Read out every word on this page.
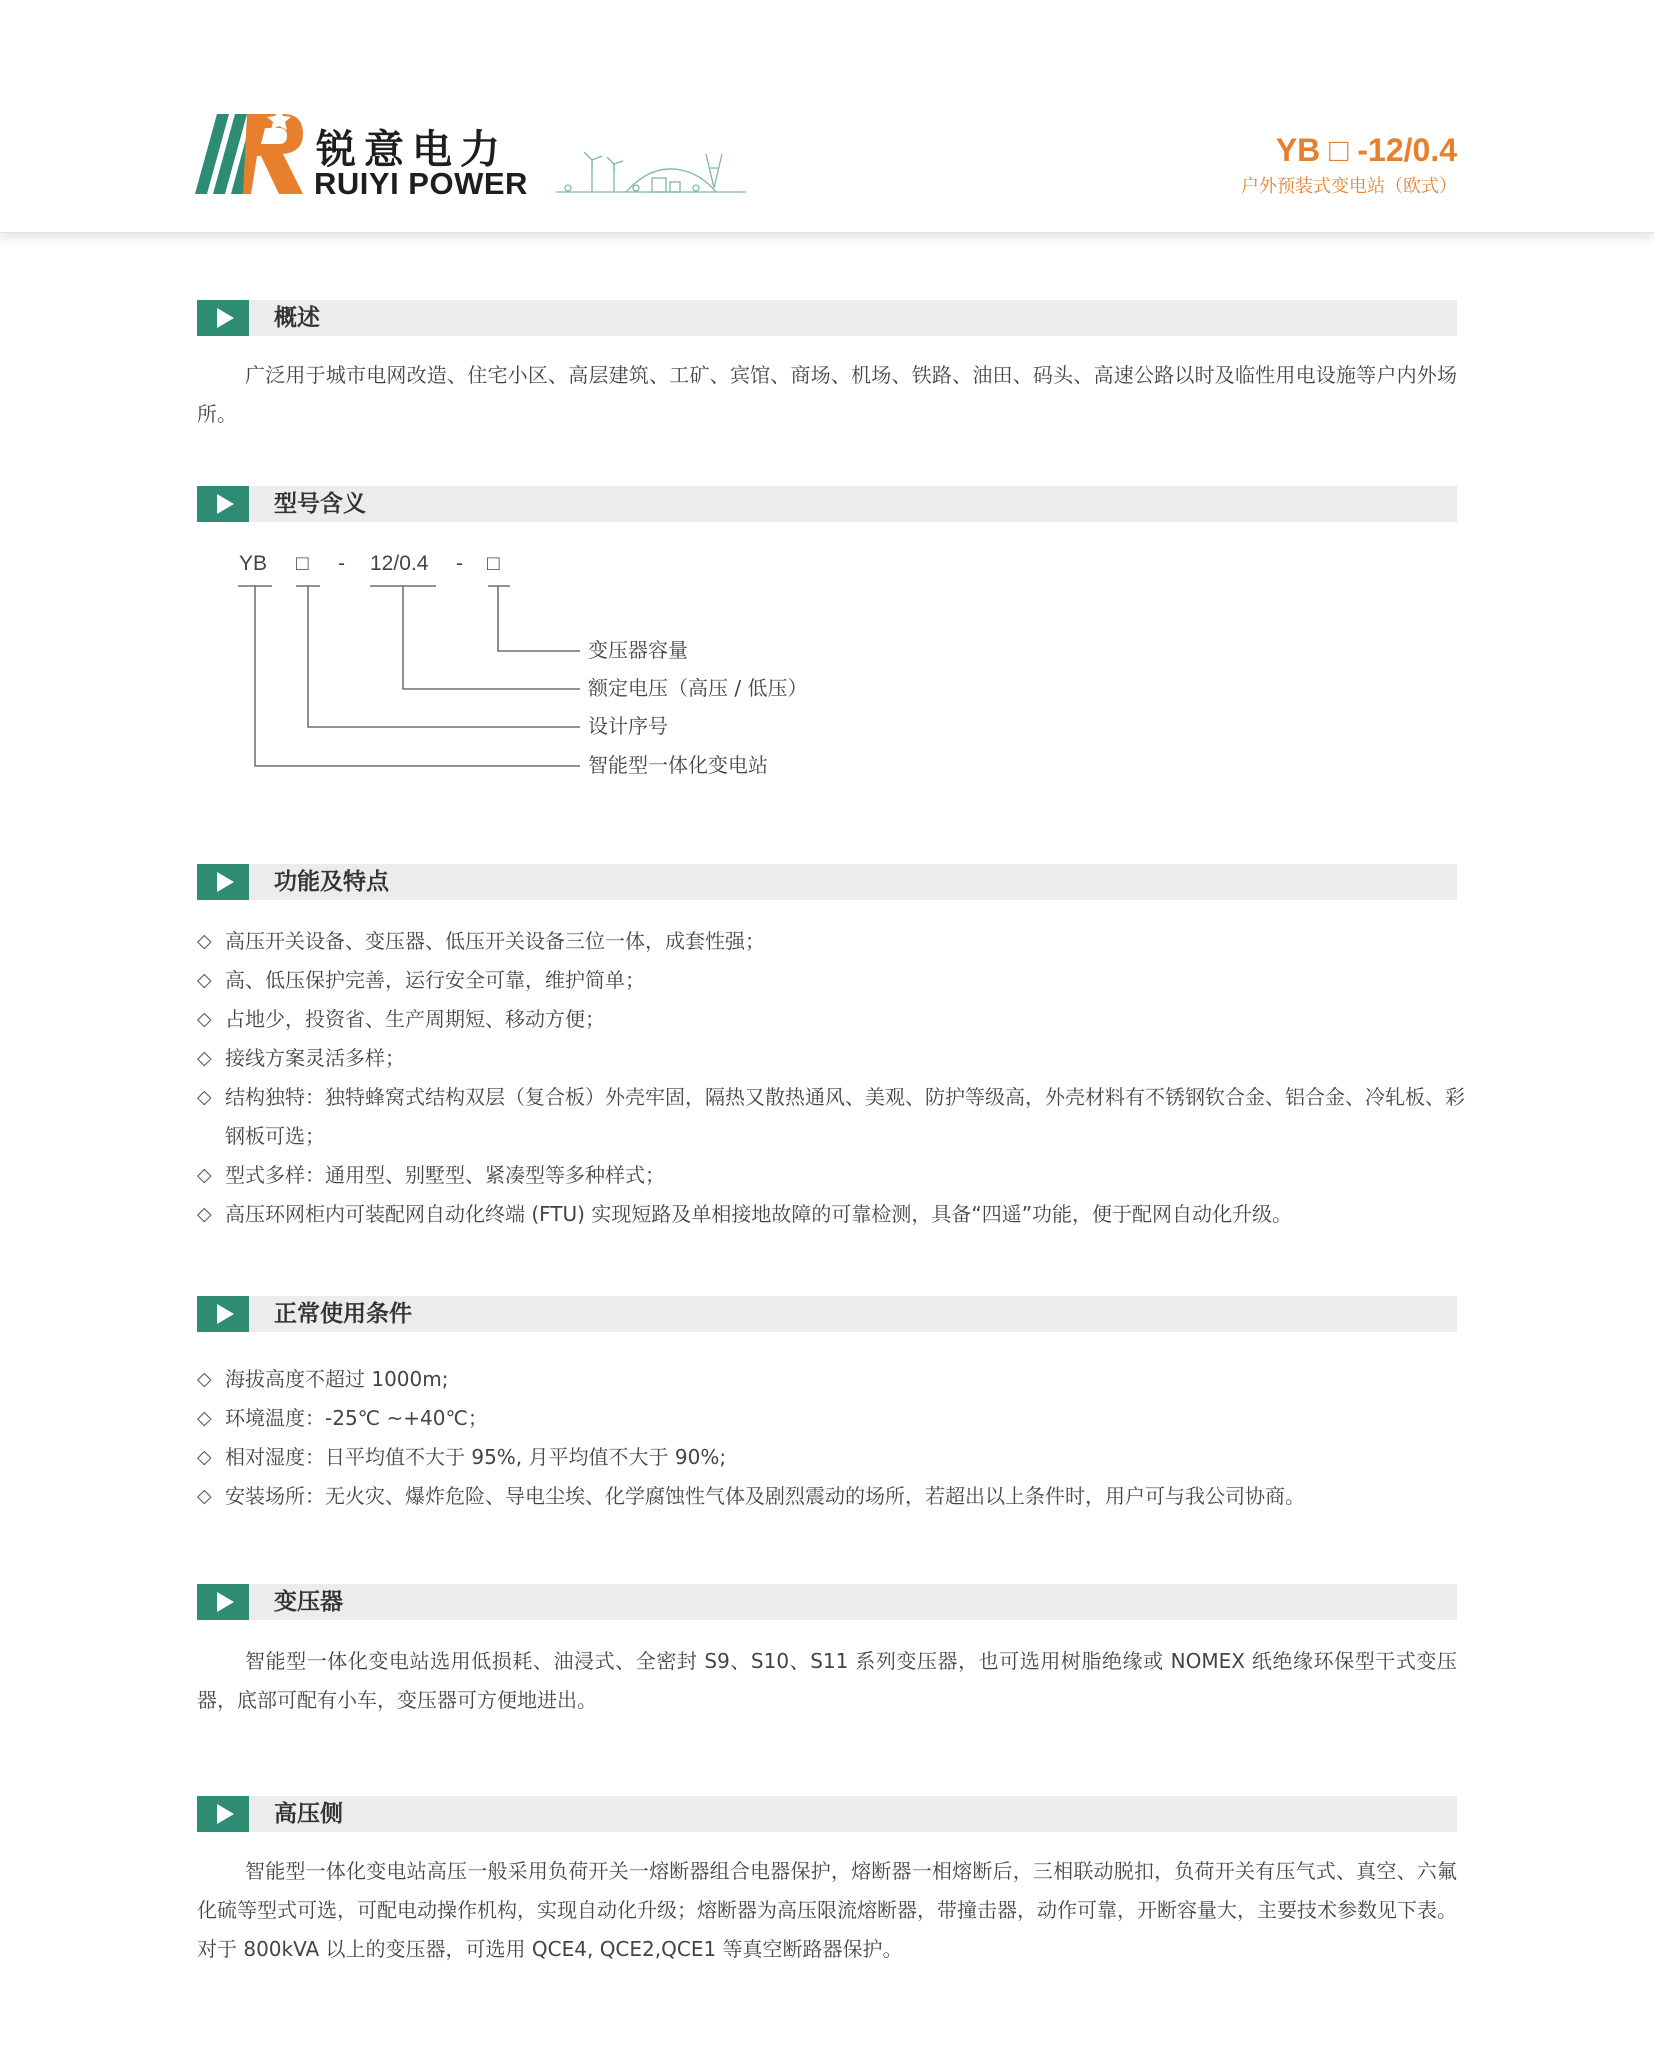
锐意电力
RUIYI POWER
YB □ -12/0.4
户外预装式变电站（欧式）
概述

广泛用于城市电网改造、住宅小区、高层建筑、工矿、宾馆、商场、机场、铁路、油田、码头、高速公路以时及临性用电设施等户内外场所。

型号含义
YB □ - 12/0.4 - □
变压器容量
额定电压（高压 / 低压）
设计序号
智能型一体化变电站
功能及特点
◇ 高压开关设备、变压器、低压开关设备三位一体，成套性强；
◇ 高、低压保护完善，运行安全可靠，维护简单；
◇ 占地少，投资省、生产周期短、移动方便；
◇ 接线方案灵活多样；
◇ 结构独特：独特蜂窝式结构双层（复合板）外壳牢固，隔热又散热通风、美观、防护等级高，外壳材料有不锈钢钦合金、铝合金、冷轧板、彩钢板可选；
◇ 型式多样：通用型、别墅型、紧凑型等多种样式；
◇ 高压环网柜内可装配网自动化终端 (FTU) 实现短路及单相接地故障的可靠检测，具备“四遥”功能，便于配网自动化升级。
正常使用条件
◇ 海拔高度不超过 1000m;
◇ 环境温度：-25℃ ~+40℃；
◇ 相对湿度：日平均值不大于 95%, 月平均值不大于 90%;
◇ 安装场所：无火灾、爆炸危险、导电尘埃、化学腐蚀性气体及剧烈震动的场所，若超出以上条件时，用户可与我公司协商。
变压器

智能型一体化变电站选用低损耗、油浸式、全密封 S9、S10、S11 系列变压器，也可选用树脂绝缘或 NOMEX 纸绝缘环保型干式变压器，底部可配有小车，变压器可方便地进出。

高压侧

智能型一体化变电站高压一般采用负荷开关一熔断器组合电器保护，熔断器一相熔断后，三相联动脱扣，负荷开关有压气式、真空、六氟化硫等型式可选，可配电动操作机构，实现自动化升级；熔断器为高压限流熔断器，带撞击器，动作可靠，开断容量大，主要技术参数见下表。对于 800kVA 以上的变压器，可选用 QCE4, QCE2,QCE1 等真空断路器保护。
